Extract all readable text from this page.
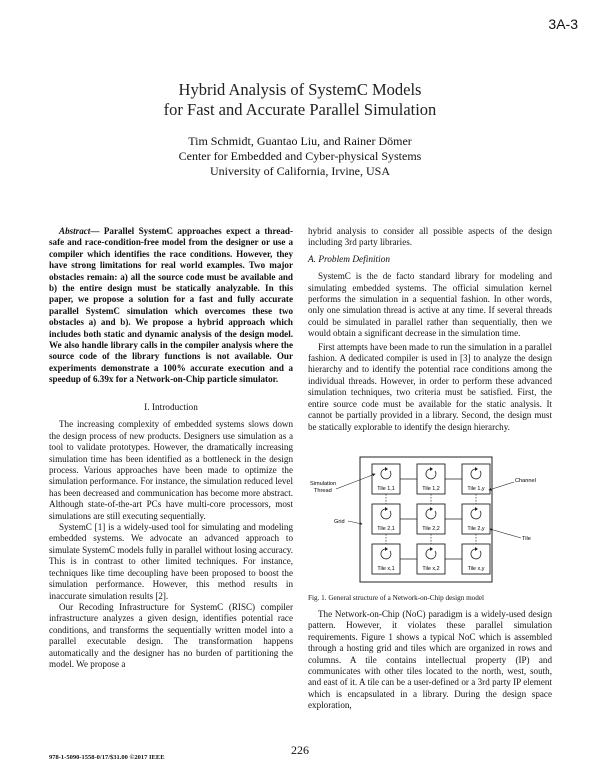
3A-3
Hybrid Analysis of SystemC Models
for Fast and Accurate Parallel Simulation
Tim Schmidt, Guantao Liu, and Rainer Dömer
Center for Embedded and Cyber-physical Systems
University of California, Irvine, USA

Abstract— Parallel SystemC approaches expect a thread-safe and race-condition-free model from the designer or use a compiler which identifies the race conditions. However, they have strong limitations for real world examples. Two major obstacles remain: a) all the source code must be available and b) the entire design must be statically analyzable. In this paper, we propose a solution for a fast and fully accurate parallel SystemC simulation which overcomes these two obstacles a) and b). We propose a hybrid approach which includes both static and dynamic analysis of the design model. We also handle library calls in the compiler analysis where the source code of the library functions is not available. Our experiments demonstrate a 100% accurate execution and a speedup of 6.39x for a Network-on-Chip particle simulator.

I. Introduction

The increasing complexity of embedded systems slows down the design process of new products. Designers use simulation as a tool to validate prototypes. However, the dramatically increasing simulation time has been identified as a bottleneck in the design process. Various approaches have been made to optimize the simulation performance. For instance, the simulation reduced level has been decreased and communication has become more abstract. Although state-of-the-art PCs have multi-core processors, most simulations are still executing sequentially.

SystemC [1] is a widely-used tool for simulating and modeling embedded systems. We advocate an advanced approach to simulate SystemC models fully in parallel without losing accuracy. This is in contrast to other limited techniques. For instance, techniques like time decoupling have been proposed to boost the simulation performance. However, this method results in inaccurate simulation results [2].

Our Recoding Infrastructure for SystemC (RISC) compiler infrastructure analyzes a given design, identifies potential race conditions, and transforms the sequentially written model into a parallel executable design. The transformation happens automatically and the designer has no burden of partitioning the model. We propose a

hybrid analysis to consider all possible aspects of the design including 3rd party libraries.

A. Problem Definition

SystemC is the de facto standard library for modeling and simulating embedded systems. The official simulation kernel performs the simulation in a sequential fashion. In other words, only one simulation thread is active at any time. If several threads could be simulated in parallel rather than sequentially, then we would obtain a significant decrease in the simulation time.

First attempts have been made to run the simulation in a parallel fashion. A dedicated compiler is used in [3] to analyze the design hierarchy and to identify the potential race conditions among the individual threads. However, in order to perform these advanced simulation techniques, two criteria must be satisfied. First, the entire source code must be available for the static analysis. It cannot be partially provided in a library. Second, the design must be statically explorable to identify the design hierarchy.

Tile 1,1	Tile 1,2	Tile 1,y
Tile 2,1	Tile 2,2	Tile 2,y
Tile x,1	Tile x,2	Tile x,y
Simulation
Thread
Grid
Channel
Tile
Fig. 1. General structure of a Network-on-Chip design model

The Network-on-Chip (NoC) paradigm is a widely-used design pattern. However, it violates these parallel simulation requirements. Figure 1 shows a typical NoC which is assembled through a hosting grid and tiles which are organized in rows and columns. A tile contains intellectual property (IP) and communicates with other tiles located to the north, west, south, and east of it. A tile can be a user-defined or a 3rd party IP element which is encapsulated in a library. During the design space exploration,

978-1-5090-1558-0/17/$31.00 ©2017 IEEE
226
